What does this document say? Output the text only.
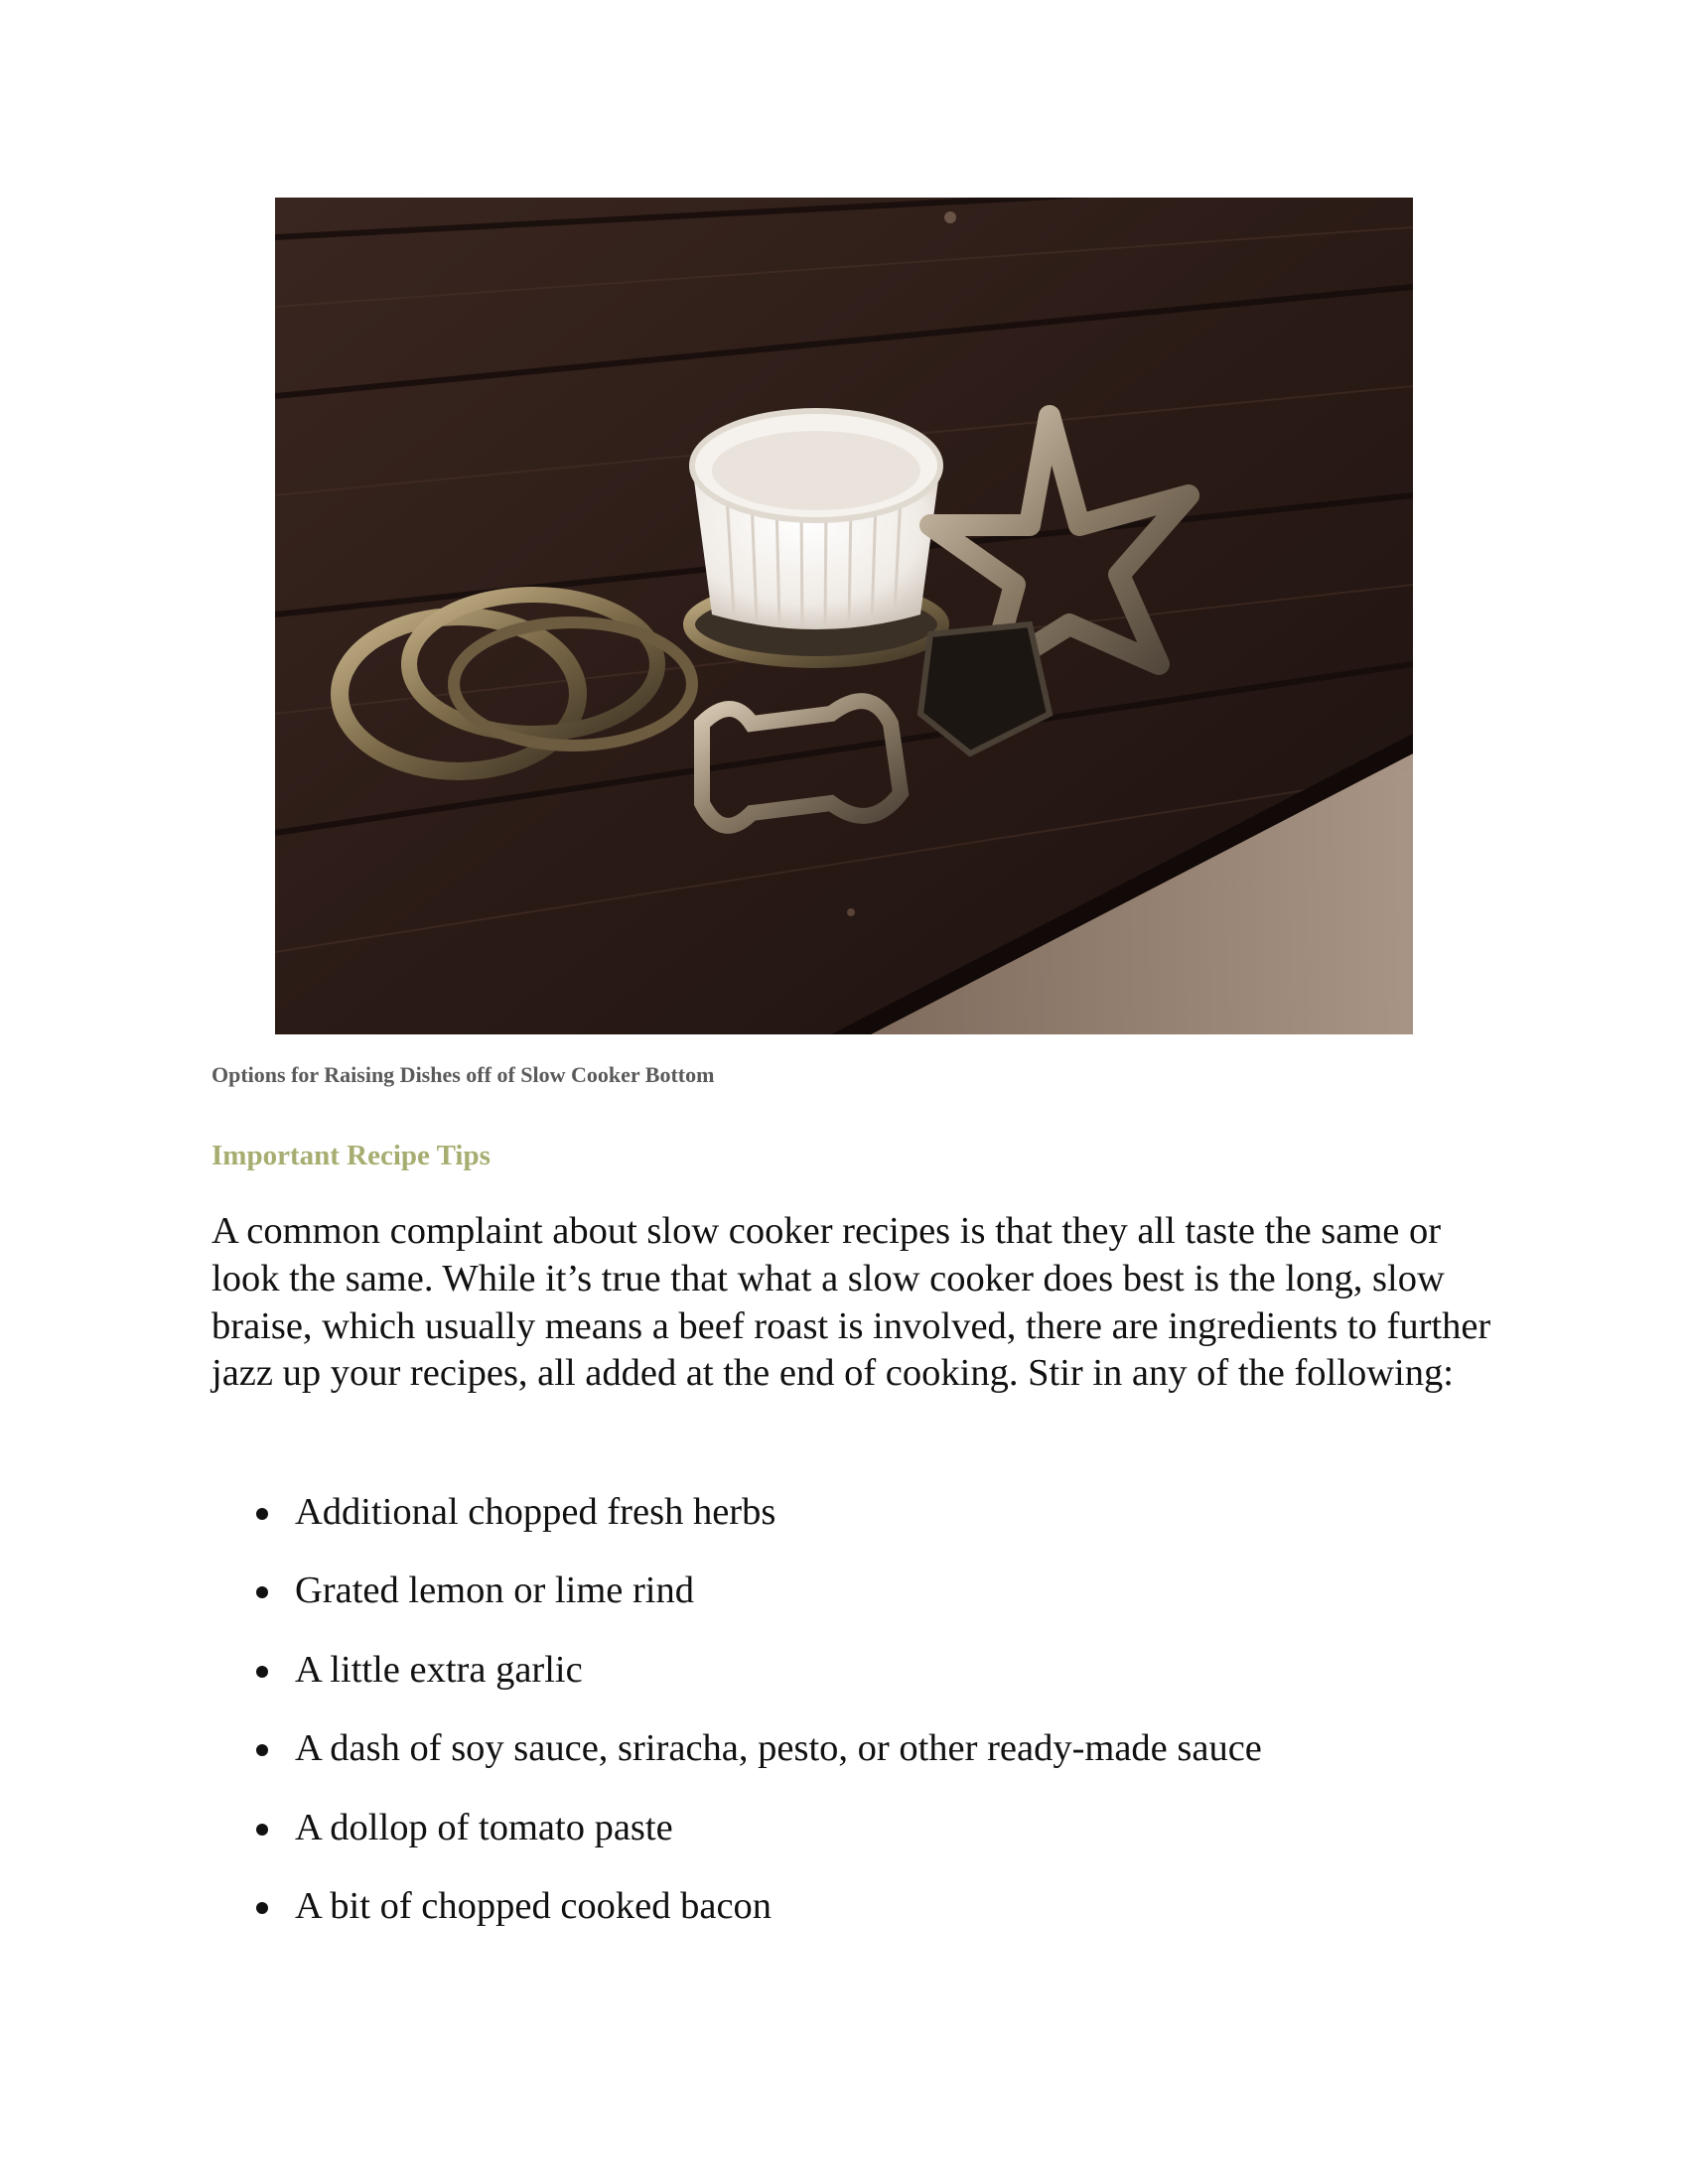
Options for Raising Dishes off of Slow Cooker Bottom
Important Recipe Tips

A common complaint about slow cooker recipes is that they all taste the same or look the same. While it’s true that what a slow cooker does best is the long, slow braise, which usually means a beef roast is involved, there are ingredients to further jazz up your recipes, all added at the end of cooking. Stir in any of the following:

Additional chopped fresh herbs
Grated lemon or lime rind
A little extra garlic
A dash of soy sauce, sriracha, pesto, or other ready-made sauce
A dollop of tomato paste
A bit of chopped cooked bacon
